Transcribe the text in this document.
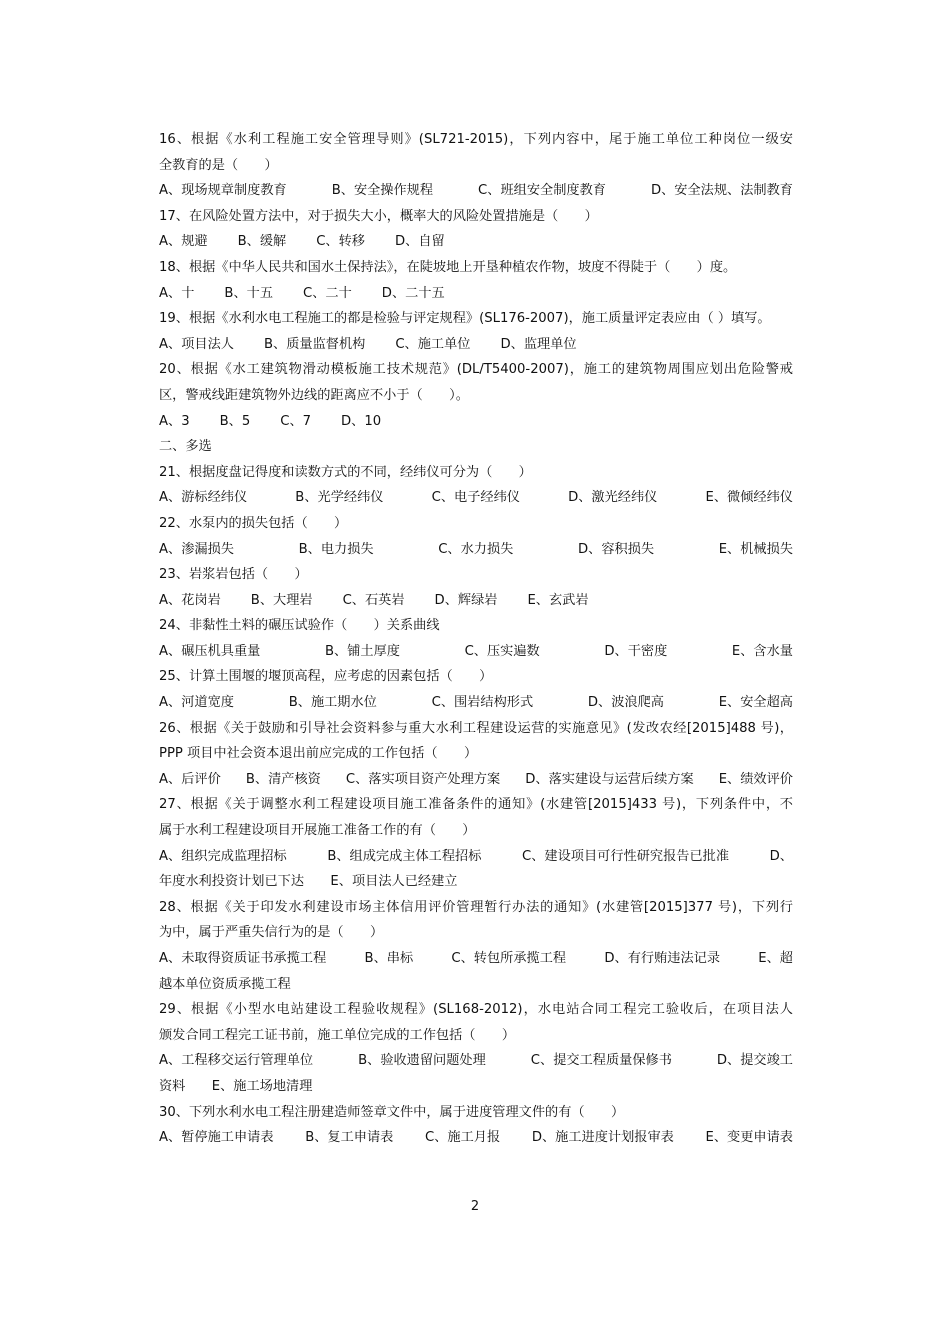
16、根据《水利工程施工安全管理导则》(SL721-2015)，下列内容中，尾于施工单位工种岗位一级安
全教育的是（　　）
A、现场规章制度教育	B、安全操作规程	C、班组安全制度教育	D、安全法规、法制教育
17、在风险处置方法中，对于损失大小，概率大的风险处置措施是（　　）
A、规避 B、缓解 C、转移 D、自留
18、根据《中华人民共和国水土保持法》，在陡坡地上开垦种植农作物，坡度不得陡于（　　）度。
A、十 B、十五 C、二十 D、二十五
19、根据《水利水电工程施工的都是检验与评定规程》(SL176-2007)，施工质量评定表应由（ ）填写。
A、项目法人 B、质量监督机构 C、施工单位 D、监理单位
20、根据《水工建筑物滑动模板施工技术规范》(DL/T5400-2007)，施工的建筑物周围应划出危险警戒
区，警戒线距建筑物外边线的距离应不小于（　　）。
A、3 B、5 C、7 D、10
二、多选
21、根据度盘记得度和读数方式的不同，经纬仪可分为（　　）
A、游标经纬仪	B、光学经纬仪	C、电子经纬仪	D、激光经纬仪	E、微倾经纬仪
22、水泵内的损失包括（　　）
A、渗漏损失	B、电力损失	C、水力损失	D、容积损失	E、机械损失
23、岩浆岩包括（　　）
A、花岗岩 B、大理岩 C、石英岩 D、辉绿岩 E、玄武岩
24、非黏性土料的碾压试验作（　　）关系曲线
A、碾压机具重量	B、铺土厚度	C、压实遍数	D、干密度	E、含水量
25、计算土围堰的堰顶高程，应考虑的因素包括（　　）
A、河道宽度	B、施工期水位	C、围岩结构形式	D、波浪爬高	E、安全超高
26、根据《关于鼓励和引导社会资料参与重大水利工程建设运营的实施意见》(发改农经[2015]488 号)，
PPP 项目中社会资本退出前应完成的工作包括（　　）
A、后评价 B、清产核资 C、落实项目资产处理方案 D、落实建设与运营后续方案 E、绩效评价
27、根据《关于调整水利工程建设项目施工准备条件的通知》(水建管[2015]433 号)，下列条件中，不
属于水利工程建设项目开展施工准备工作的有（　　）
A、组织完成监理招标	B、组成完成主体工程招标	C、建设项目可行性研究报告已批准	D、
年度水利投资计划已下达　　E、项目法人已经建立
28、根据《关于印发水利建设市场主体信用评价管理暂行办法的通知》(水建管[2015]377 号)，下列行
为中，属于严重失信行为的是（　　）
A、未取得资质证书承揽工程	B、串标	C、转包所承揽工程	D、有行贿违法记录	E、超
越本单位资质承揽工程
29、根据《小型水电站建设工程验收规程》(SL168-2012)，水电站合同工程完工验收后，在项目法人
颁发合同工程完工证书前，施工单位完成的工作包括（　　）
A、工程移交运行管理单位	B、验收遗留问题处理	C、提交工程质量保修书	D、提交竣工
资料　　E、施工场地清理
30、下列水利水电工程注册建造师签章文件中，属于进度管理文件的有（　　）
A、暂停施工申请表 B、复工申请表 C、施工月报 D、施工进度计划报审表 E、变更申请表
2
